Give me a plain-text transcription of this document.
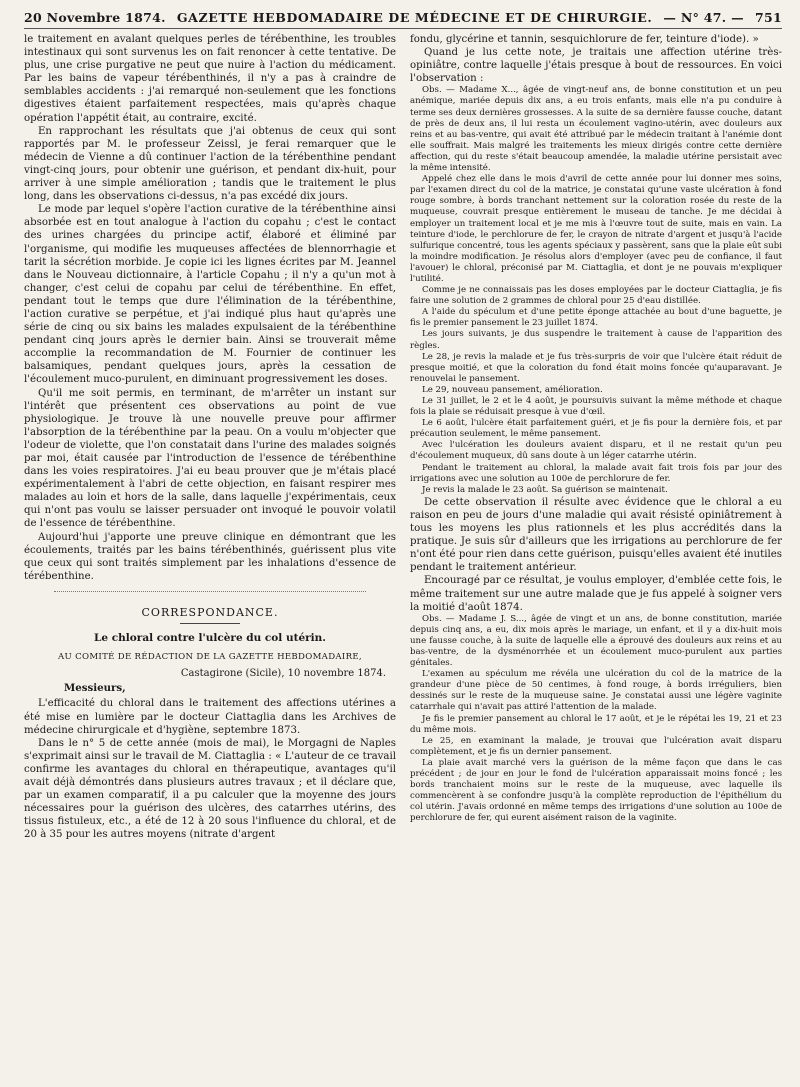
20 Novembre 1874. GAZETTE HEBDOMADAIRE DE MÉDECINE ET DE CHIRURGIE. — N° 47. — 751

le traitement en avalant quelques perles de térébenthine, les troubles intestinaux qui sont survenus les on fait renoncer à cette tentative. De plus, une crise purgative ne peut que nuire à l'action du médicament. Par les bains de vapeur térébenthinés, il n'y a pas à craindre de semblables accidents : j'ai remarqué non-seulement que les fonctions digestives étaient parfaitement respectées, mais qu'après chaque opération l'appétit était, au contraire, excité.

En rapprochant les résultats que j'ai obtenus de ceux qui sont rapportés par M. le professeur Zeissl, je ferai remarquer que le médecin de Vienne a dû continuer l'action de la térébenthine pendant vingt-cinq jours, pour obtenir une guérison, et pendant dix-huit, pour arriver à une simple amélioration ; tandis que le traitement le plus long, dans les observations ci-dessus, n'a pas excédé dix jours.

Le mode par lequel s'opère l'action curative de la térébenthine ainsi absorbée est en tout analogue à l'action du copahu ; c'est le contact des urines chargées du principe actif, élaboré et éliminé par l'organisme, qui modifie les muqueuses affectées de blennorrhagie et tarit la sécrétion morbide. Je copie ici les lignes écrites par M. Jeannel dans le Nouveau dictionnaire, à l'article Copahu ; il n'y a qu'un mot à changer, c'est celui de copahu par celui de térébenthine. En effet, pendant tout le temps que dure l'élimination de la térébenthine, l'action curative se perpétue, et j'ai indiqué plus haut qu'après une série de cinq ou six bains les malades expulsaient de la térébenthine pendant cinq jours après le dernier bain. Ainsi se trouverait même accomplie la recommandation de M. Fournier de continuer les balsamiques, pendant quelques jours, après la cessation de l'écoulement muco-purulent, en diminuant progressivement les doses.

Qu'il me soit permis, en terminant, de m'arrêter un instant sur l'intérêt que présentent ces observations au point de vue physiologique. Je trouve là une nouvelle preuve pour affirmer l'absorption de la térébenthine par la peau. On a voulu m'objecter que l'odeur de violette, que l'on constatait dans l'urine des malades soignés par moi, était causée par l'introduction de l'essence de térébenthine dans les voies respiratoires. J'ai eu beau prouver que je m'étais placé expérimentalement à l'abri de cette objection, en faisant respirer mes malades au loin et hors de la salle, dans laquelle j'expérimentais, ceux qui n'ont pas voulu se laisser persuader ont invoqué le pouvoir volatil de l'essence de térébenthine.

Aujourd'hui j'apporte une preuve clinique en démontrant que les écoulements, traités par les bains térébenthinés, guérissent plus vite que ceux qui sont traités simplement par les inhalations d'essence de térébenthine.

CORRESPONDANCE.
Le chloral contre l'ulcère du col utérin.
AU COMITÉ DE RÉDACTION DE LA GAZETTE HEBDOMADAIRE,
Castagirone (Sicile), 10 novembre 1874.
Messieurs,

L'efficacité du chloral dans le traitement des affections utérines a été mise en lumière par le docteur Ciattaglia dans les Archives de médecine chirurgicale et d'hygiène, septembre 1873.

Dans le n° 5 de cette année (mois de mai), le Morgagni de Naples s'exprimait ainsi sur le travail de M. Ciattaglia : « L'auteur de ce travail confirme les avantages du chloral en thérapeutique, avantages qu'il avait déjà démontrés dans plusieurs autres travaux ; et il déclare que, par un examen comparatif, il a pu calculer que la moyenne des jours nécessaires pour la guérison des ulcères, des catarrhes utérins, des tissus fistuleux, etc., a été de 12 à 20 sous l'influence du chloral, et de 20 à 35 pour les autres moyens (nitrate d'argent

fondu, glycérine et tannin, sesquichlorure de fer, teinture d'iode). »

Quand je lus cette note, je traitais une affection utérine très-opiniâtre, contre laquelle j'étais presque à bout de ressources. En voici l'observation :

Obs. — Madame X..., âgée de vingt-neuf ans, de bonne constitution et un peu anémique, mariée depuis dix ans, a eu trois enfants, mais elle n'a pu conduire à terme ses deux dernières grossesses. A la suite de sa dernière fausse couche, datant de près de deux ans, il lui resta un écoulement vagino-utérin, avec douleurs aux reins et au bas-ventre, qui avait été attribué par le médecin traitant à l'anémie dont elle souffrait. Mais malgré les traitements les mieux dirigés contre cette dernière affection, qui du reste s'était beaucoup amendée, la maladie utérine persistait avec la même intensité.

Appelé chez elle dans le mois d'avril de cette année pour lui donner mes soins, par l'examen direct du col de la matrice, je constatai qu'une vaste ulcération à fond rouge sombre, à bords tranchant nettement sur la coloration rosée du reste de la muqueuse, couvrait presque entièrement le museau de tanche. Je me décidai à employer un traitement local et je me mis à l'œuvre tout de suite, mais en vain. La teinture d'iode, le perchlorure de fer, le crayon de nitrate d'argent et jusqu'à l'acide sulfurique concentré, tous les agents spéciaux y passèrent, sans que la plaie eût subi la moindre modification. Je résolus alors d'employer (avec peu de confiance, il faut l'avouer) le chloral, préconisé par M. Ciattaglia, et dont je ne pouvais m'expliquer l'utilité.

Comme je ne connaissais pas les doses employées par le docteur Ciattaglia, je fis faire une solution de 2 grammes de chloral pour 25 d'eau distillée.

A l'aide du spéculum et d'une petite éponge attachée au bout d'une baguette, je fis le premier pansement le 23 juillet 1874.

Les jours suivants, je dus suspendre le traitement à cause de l'apparition des règles.

Le 28, je revis la malade et je fus très-surpris de voir que l'ulcère était réduit de presque moitié, et que la coloration du fond était moins foncée qu'auparavant. Je renouvelai le pansement.

Le 29, nouveau pansement, amélioration.

Le 31 juillet, le 2 et le 4 août, je poursuivis suivant la même méthode et chaque fois la plaie se réduisait presque à vue d'œil.

Le 6 août, l'ulcère était parfaitement guéri, et je fis pour la dernière fois, et par précaution seulement, le même pansement.

Avec l'ulcération les douleurs avaient disparu, et il ne restait qu'un peu d'écoulement muqueux, dû sans doute à un léger catarrhe utérin.

Pendant le traitement au chloral, la malade avait fait trois fois par jour des irrigations avec une solution au 100e de perchlorure de fer.

Je revis la malade le 23 août. Sa guérison se maintenait.

De cette observation il résulte avec évidence que le chloral a eu raison en peu de jours d'une maladie qui avait résisté opiniâtrement à tous les moyens les plus rationnels et les plus accrédités dans la pratique. Je suis sûr d'ailleurs que les irrigations au perchlorure de fer n'ont été pour rien dans cette guérison, puisqu'elles avaient été inutiles pendant le traitement antérieur.

Encouragé par ce résultat, je voulus employer, d'emblée cette fois, le même traitement sur une autre malade que je fus appelé à soigner vers la moitié d'août 1874.

Obs. — Madame J. S..., âgée de vingt et un ans, de bonne constitution, mariée depuis cinq ans, a eu, dix mois après le mariage, un enfant, et il y a dix-huit mois une fausse couche, à la suite de laquelle elle a éprouvé des douleurs aux reins et au bas-ventre, de la dysménorrhée et un écoulement muco-purulent aux parties génitales.

L'examen au spéculum me révéla une ulcération du col de la matrice de la grandeur d'une pièce de 50 centimes, à fond rouge, à bords irréguliers, bien dessinés sur le reste de la muqueuse saine. Je constatai aussi une légère vaginite catarrhale qui n'avait pas attiré l'attention de la malade.

Je fis le premier pansement au chloral le 17 août, et je le répétai les 19, 21 et 23 du même mois.

Le 25, en examinant la malade, je trouvai que l'ulcération avait disparu complètement, et je fis un dernier pansement.

La plaie avait marché vers la guérison de la même façon que dans le cas précédent ; de jour en jour le fond de l'ulcération apparaissait moins foncé ; les bords tranchaient moins sur le reste de la muqueuse, avec laquelle ils commencèrent à se confondre jusqu'à la complète reproduction de l'épithélium du col utérin. J'avais ordonné en même temps des irrigations d'une solution au 100e de perchlorure de fer, qui eurent aisément raison de la vaginite.
